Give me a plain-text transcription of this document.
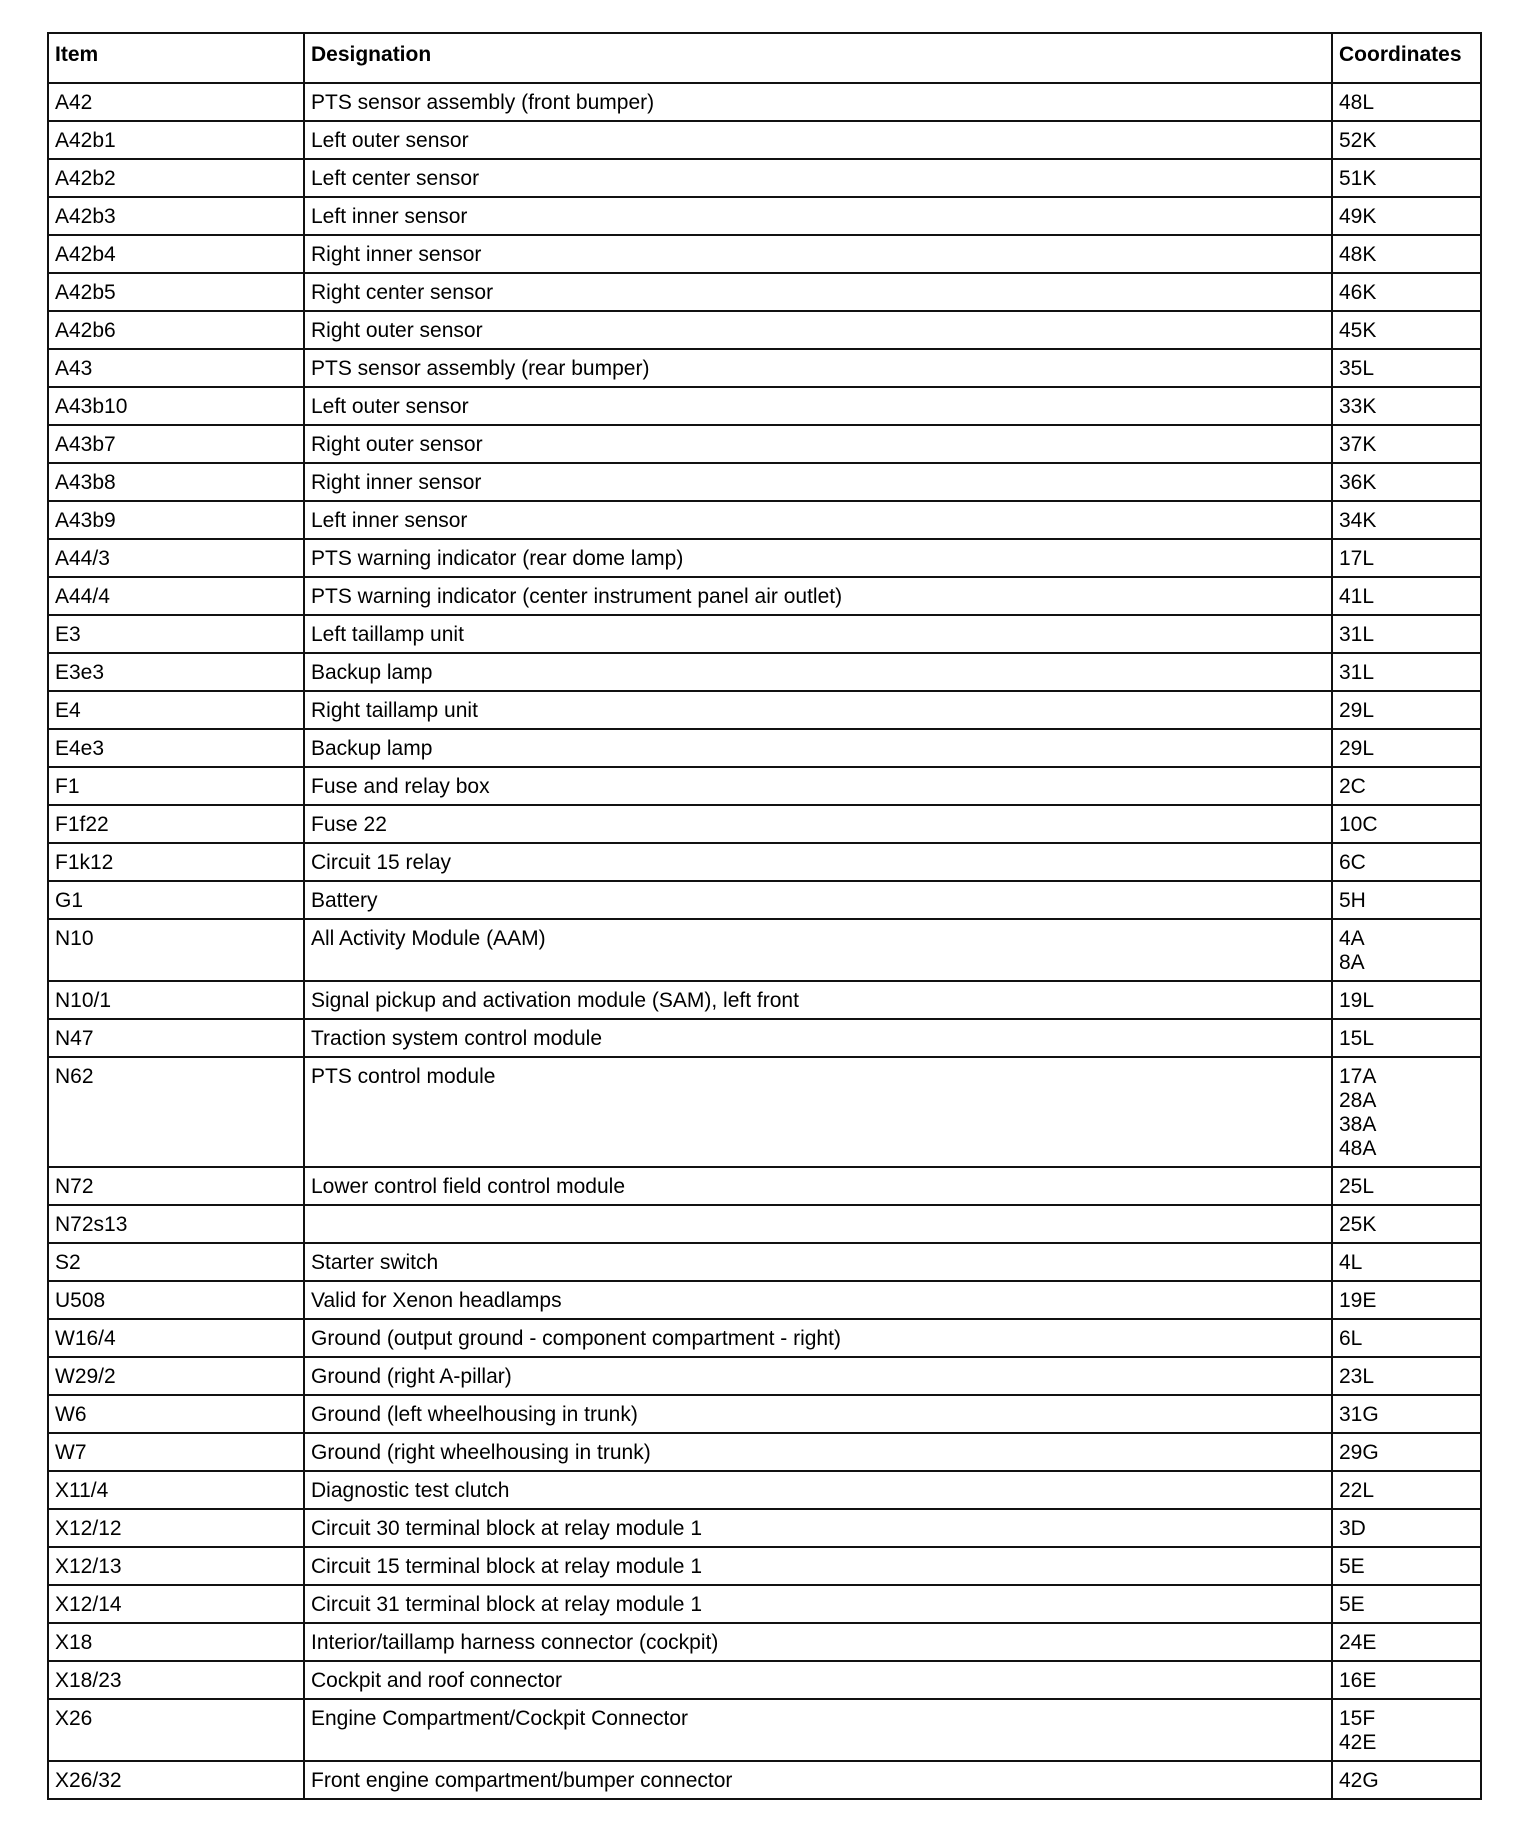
Item	Designation	Coordinates
A42	PTS sensor assembly (front bumper)	48L

A42b1	Left outer sensor	52K

A42b2	Left center sensor	51K

A42b3	Left inner sensor	49K

A42b4	Right inner sensor	48K

A42b5	Right center sensor	46K

A42b6	Right outer sensor	45K

A43	PTS sensor assembly (rear bumper)	35L

A43b10	Left outer sensor	33K

A43b7	Right outer sensor	37K

A43b8	Right inner sensor	36K

A43b9	Left inner sensor	34K

A44/3	PTS warning indicator (rear dome lamp)	17L

A44/4	PTS warning indicator (center instrument panel air outlet)	41L

E3	Left taillamp unit	31L

E3e3	Backup lamp	31L

E4	Right taillamp unit	29L

E4e3	Backup lamp	29L

F1	Fuse and relay box	2C

F1f22	Fuse 22	10C

F1k12	Circuit 15 relay	6C

G1	Battery	5H

N10	All Activity Module (AAM)	4A
8A

N10/1	Signal pickup and activation module (SAM), left front	19L

N47	Traction system control module	15L

N62	PTS control module	17A
28A
38A
48A

N72	Lower control field control module	25L

N72s13		25K

S2	Starter switch	4L

U508	Valid for Xenon headlamps	19E

W16/4	Ground (output ground - component compartment - right)	6L

W29/2	Ground (right A-pillar)	23L

W6	Ground (left wheelhousing in trunk)	31G

W7	Ground (right wheelhousing in trunk)	29G

X11/4	Diagnostic test clutch	22L

X12/12	Circuit 30 terminal block at relay module 1	3D

X12/13	Circuit 15 terminal block at relay module 1	5E

X12/14	Circuit 31 terminal block at relay module 1	5E

X18	Interior/taillamp harness connector (cockpit)	24E

X18/23	Cockpit and roof connector	16E

X26	Engine Compartment/Cockpit Connector	15F
42E

X26/32	Front engine compartment/bumper connector	42G
